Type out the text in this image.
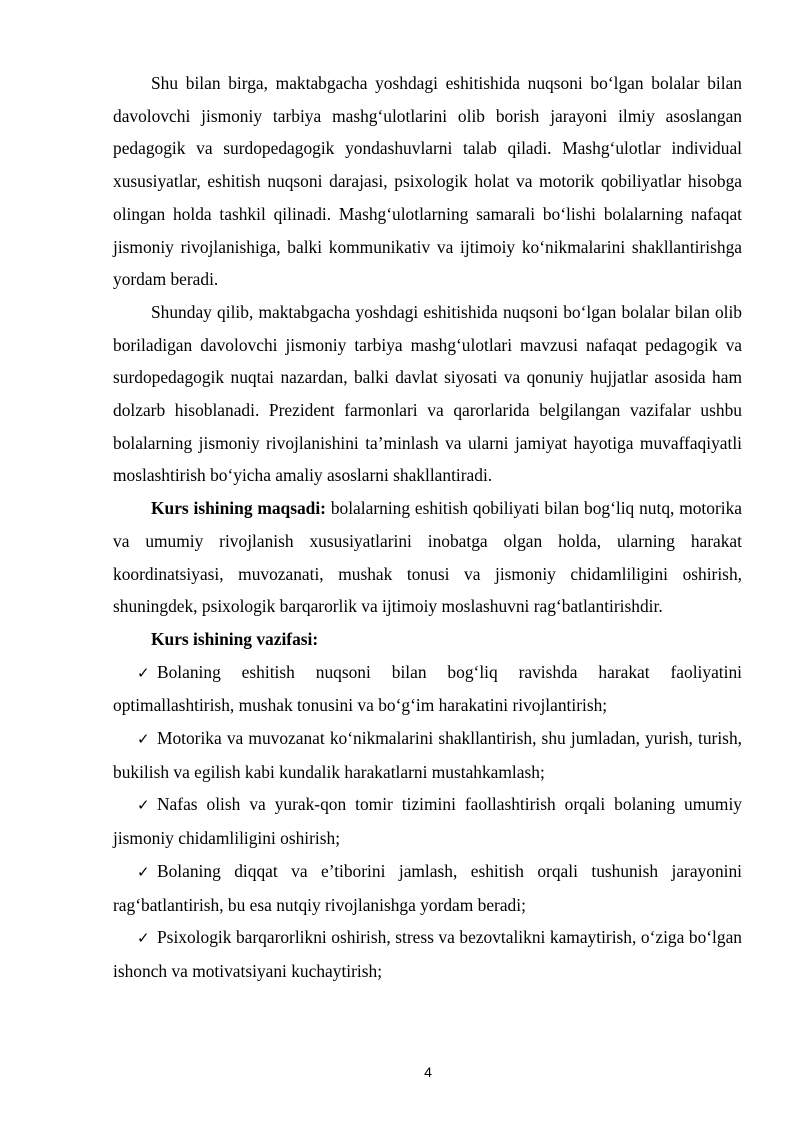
Shu bilan birga, maktabgacha yoshdagi eshitishida nuqsoni bo‘lgan bolalar bilan davolovchi jismoniy tarbiya mashg‘ulotlarini olib borish jarayoni ilmiy asoslangan pedagogik va surdopedagogik yondashuvlarni talab qiladi. Mashg‘ulotlar individual xususiyatlar, eshitish nuqsoni darajasi, psixologik holat va motorik qobiliyatlar hisobga olingan holda tashkil qilinadi. Mashg‘ulotlarning samarali bo‘lishi bolalarning nafaqat jismoniy rivojlanishiga, balki kommunikativ va ijtimoiy ko‘nikmalarini shakllantirishga yordam beradi.

Shunday qilib, maktabgacha yoshdagi eshitishida nuqsoni bo‘lgan bolalar bilan olib boriladigan davolovchi jismoniy tarbiya mashg‘ulotlari mavzusi nafaqat pedagogik va surdopedagogik nuqtai nazardan, balki davlat siyosati va qonuniy hujjatlar asosida ham dolzarb hisoblanadi. Prezident farmonlari va qarorlarida belgilangan vazifalar ushbu bolalarning jismoniy rivojlanishini ta’minlash va ularni jamiyat hayotiga muvaffaqiyatli moslashtirish bo‘yicha amaliy asoslarni shakllantiradi.

Kurs ishining maqsadi: bolalarning eshitish qobiliyati bilan bog‘liq nutq, motorika va umumiy rivojlanish xususiyatlarini inobatga olgan holda, ularning harakat koordinatsiyasi, muvozanati, mushak tonusi va jismoniy chidamliligini oshirish, shuningdek, psixologik barqarorlik va ijtimoiy moslashuvni rag‘batlantirishdir.

Kurs ishining vazifasi:

✓ Bolaning eshitish nuqsoni bilan bog‘liq ravishda harakat faoliyatini optimallashtirish, mushak tonusini va bo‘g‘im harakatini rivojlantirish;

✓ Motorika va muvozanat ko‘nikmalarini shakllantirish, shu jumladan, yurish, turish, bukilish va egilish kabi kundalik harakatlarni mustahkamlash;

✓ Nafas olish va yurak-qon tomir tizimini faollashtirish orqali bolaning umumiy jismoniy chidamliligini oshirish;

✓ Bolaning diqqat va e’tiborini jamlash, eshitish orqali tushunish jarayonini rag‘batlantirish, bu esa nutqiy rivojlanishga yordam beradi;

✓ Psixologik barqarorlikni oshirish, stress va bezovtalikni kamaytirish, o‘ziga bo‘lgan ishonch va motivatsiyani kuchaytirish;

4
